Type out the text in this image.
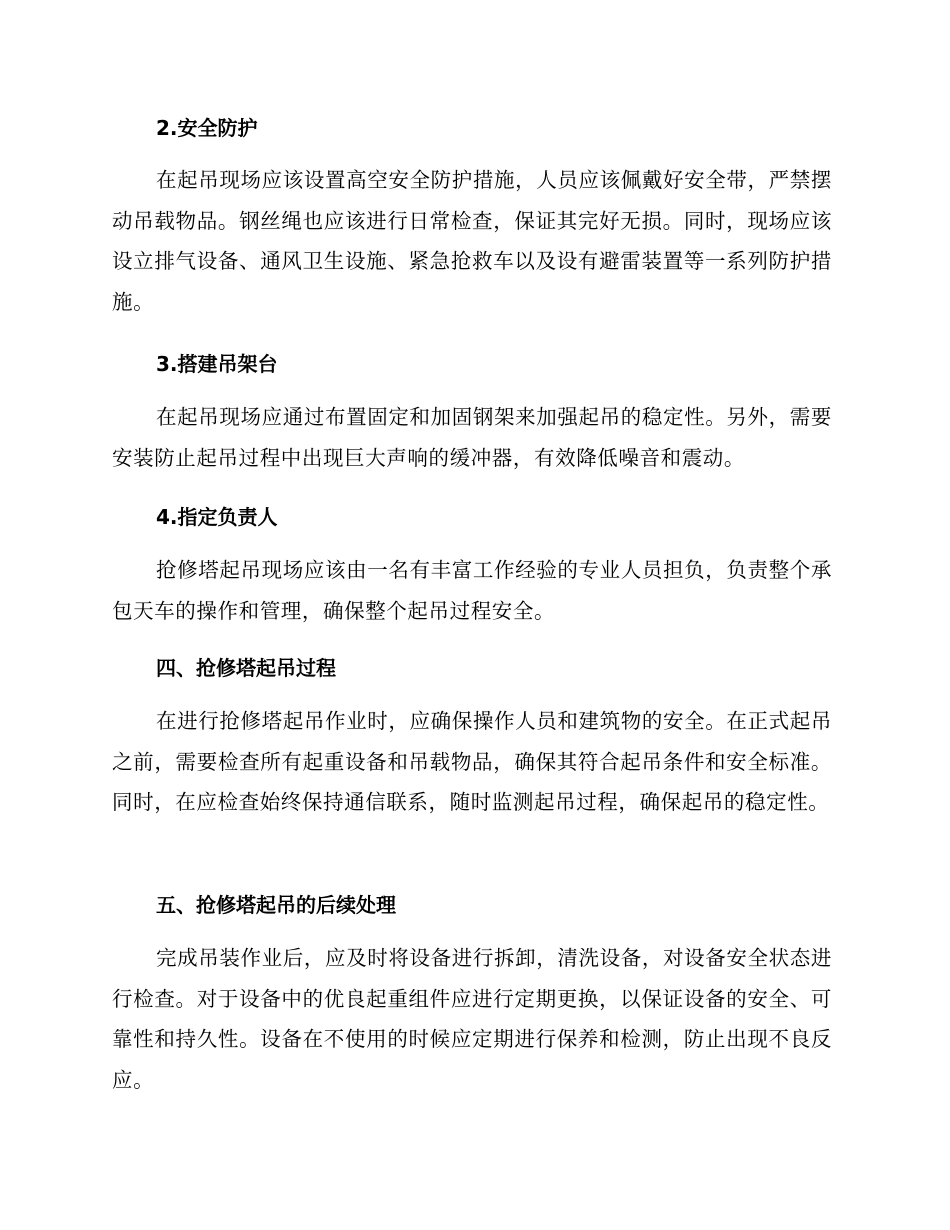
2.安全防护

在起吊现场应该设置高空安全防护措施，人员应该佩戴好安全带，严禁摆动吊载物品。钢丝绳也应该进行日常检查，保证其完好无损。同时，现场应该设立排气设备、通风卫生设施、紧急抢救车以及设有避雷装置等一系列防护措施。

3.搭建吊架台

在起吊现场应通过布置固定和加固钢架来加强起吊的稳定性。另外，需要安装防止起吊过程中出现巨大声响的缓冲器，有效降低噪音和震动。

4.指定负责人

抢修塔起吊现场应该由一名有丰富工作经验的专业人员担负，负责整个承包天车的操作和管理，确保整个起吊过程安全。

四、抢修塔起吊过程

在进行抢修塔起吊作业时，应确保操作人员和建筑物的安全。在正式起吊之前，需要检查所有起重设备和吊载物品，确保其符合起吊条件和安全标准。同时，在应检查始终保持通信联系，随时监测起吊过程，确保起吊的稳定性。

五、抢修塔起吊的后续处理

完成吊装作业后，应及时将设备进行拆卸，清洗设备，对设备安全状态进行检查。对于设备中的优良起重组件应进行定期更换，以保证设备的安全、可靠性和持久性。设备在不使用的时候应定期进行保养和检测，防止出现不良反应。
